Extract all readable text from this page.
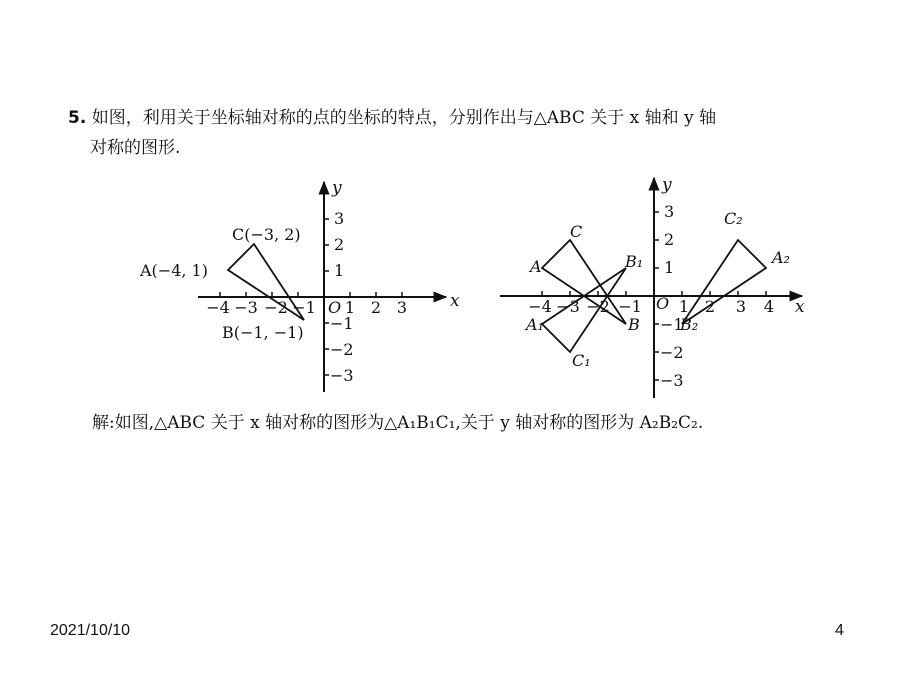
5. 如图，利用关于坐标轴对称的点的坐标的特点，分别作出与△ABC 关于 x 轴和 y 轴
对称的图形.
x
y
O
−4 −3 −2 −1 1 2 3
3
2
1
−1
−2
−3
A(−4, 1)
C(−3, 2)
B(−1, −1)
x
y
O
−4 −3 −2 −1 1 2 3 4
3
2
1
−1
−2
−3
A
C
B
A₁
B₁
C₁
A₂
B₂
C₂
解:如图,△ABC 关于 x 轴对称的图形为△A₁B₁C₁,关于 y 轴对称的图形为 A₂B₂C₂.
2021/10/10	4
